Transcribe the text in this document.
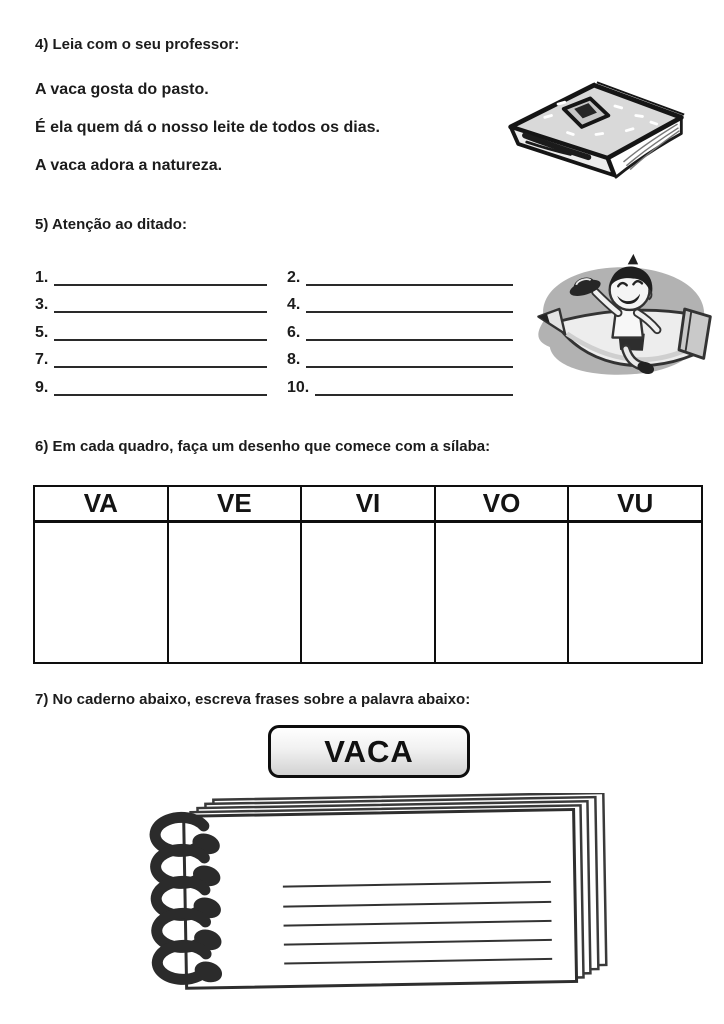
4) Leia com o seu professor:
A vaca gosta do pasto.
É ela quem dá o nosso leite de todos os dias.
A vaca adora a natureza.
5) Atenção ao ditado:
1.	2.
3.	4.
5.	6.
7.	8.
9.	10.
6) Em cada quadro, faça um desenho que comece com a sílaba:
VA	VE	VI	VO	VU

7) No caderno abaixo, escreva frases sobre a palavra abaixo:
VACA
